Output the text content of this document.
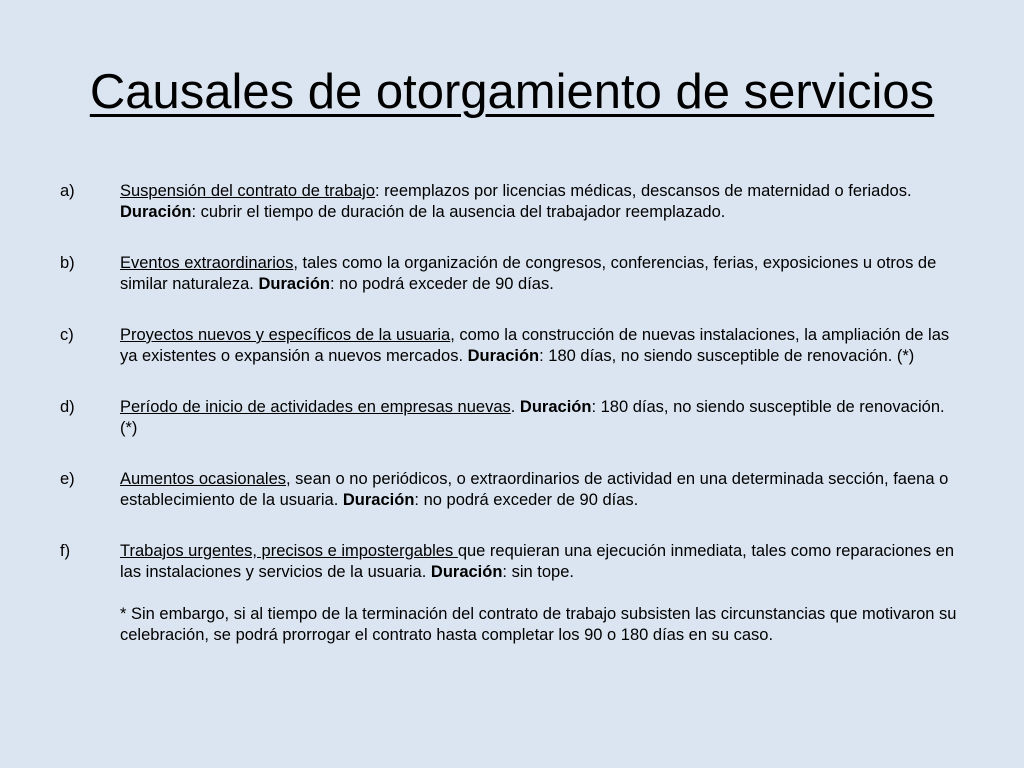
Causales de otorgamiento de servicios
a)	Suspensión del contrato de trabajo: reemplazos por licencias médicas, descansos de maternidad o feriados. Duración: cubrir el tiempo de duración de la ausencia del trabajador reemplazado.
b)	Eventos extraordinarios, tales como la organización de congresos, conferencias, ferias, exposiciones u otros de similar naturaleza. Duración: no podrá exceder de 90 días.
c)	Proyectos nuevos y específicos de la usuaria, como la construcción de nuevas instalaciones, la ampliación de las ya existentes o expansión a nuevos mercados. Duración: 180 días, no siendo susceptible de renovación. (*)
d)	Período de inicio de actividades en empresas nuevas. Duración: 180 días, no siendo susceptible de renovación. (*)
e)	Aumentos ocasionales, sean o no periódicos, o extraordinarios de actividad en una determinada sección, faena o establecimiento de la usuaria. Duración: no podrá exceder de 90 días.
f)	Trabajos urgentes, precisos e impostergables que requieran una ejecución inmediata, tales como reparaciones en las instalaciones y servicios de la usuaria. Duración: sin tope.
* Sin embargo, si al tiempo de la terminación del contrato de trabajo subsisten las circunstancias que motivaron su celebración, se podrá prorrogar el contrato hasta completar los 90 o 180 días en su caso.
